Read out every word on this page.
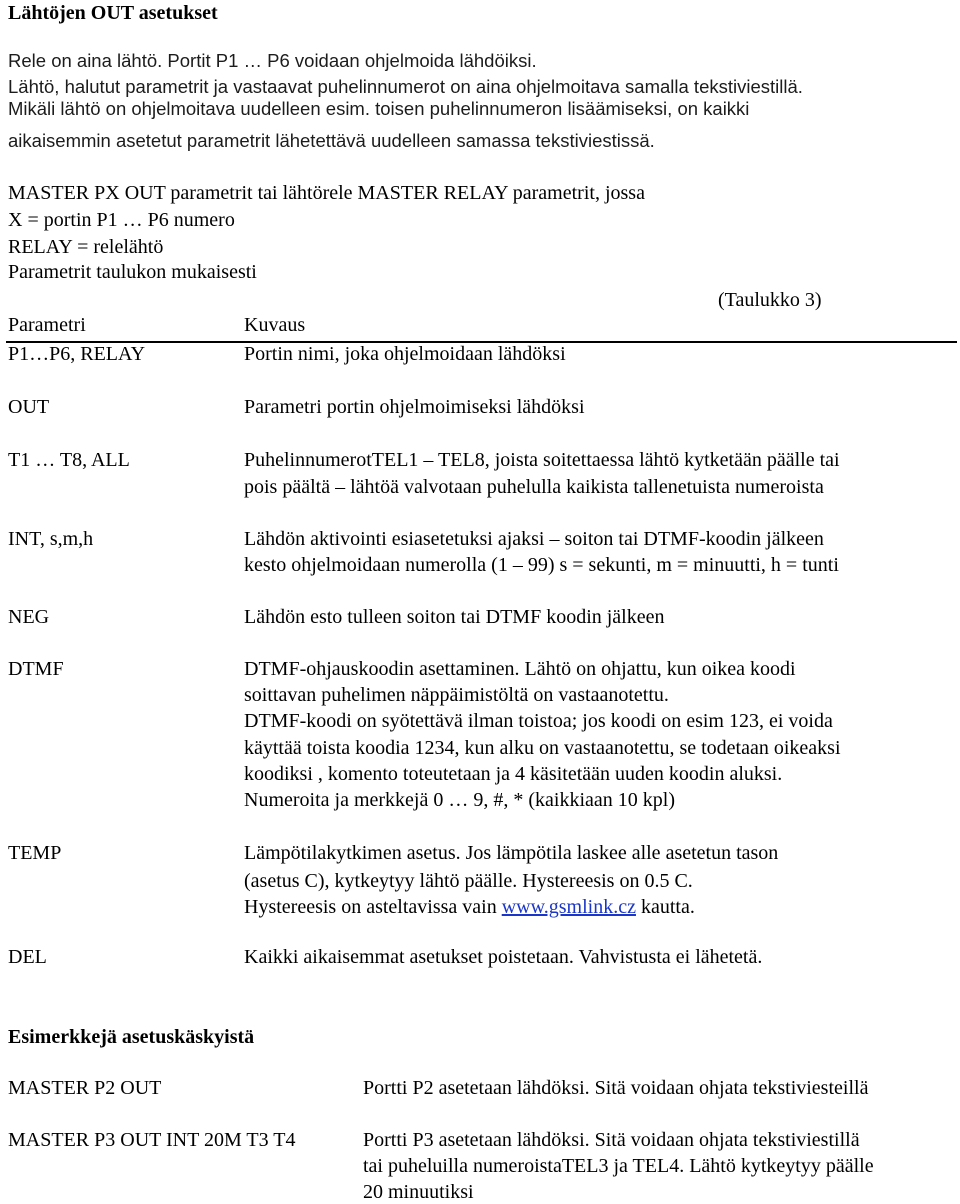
Lähtöjen OUT asetukset
Rele on aina lähtö. Portit P1 … P6 voidaan ohjelmoida lähdöiksi.
Lähtö, halutut parametrit ja vastaavat puhelinnumerot on aina ohjelmoitava samalla tekstiviestillä.
Mikäli lähtö on ohjelmoitava uudelleen esim. toisen puhelinnumeron lisäämiseksi, on kaikki
aikaisemmin asetetut parametrit lähetettävä uudelleen samassa tekstiviestissä.
MASTER PX OUT parametrit tai lähtörele MASTER RELAY parametrit, jossa
X = portin P1 … P6 numero
RELAY = relelähtö
Parametrit taulukon mukaisesti
(Taulukko 3)
Parametri	Kuvaus
P1…P6, RELAY	Portin nimi, joka ohjelmoidaan lähdöksi
OUT	Parametri portin ohjelmoimiseksi lähdöksi
T1 … T8, ALL	PuhelinnumerotTEL1 – TEL8, joista soitettaessa lähtö kytketään päälle tai
pois päältä – lähtöä valvotaan puhelulla kaikista tallenetuista numeroista
INT, s,m,h	Lähdön aktivointi esiasetetuksi ajaksi – soiton tai DTMF-koodin jälkeen
kesto ohjelmoidaan numerolla (1 – 99) s = sekunti, m = minuutti, h = tunti
NEG	Lähdön esto tulleen soiton tai DTMF koodin jälkeen
DTMF	DTMF-ohjauskoodin asettaminen. Lähtö on ohjattu, kun oikea koodi
soittavan puhelimen näppäimistöltä on vastaanotettu.
DTMF-koodi on syötettävä ilman toistoa; jos koodi on esim 123, ei voida
käyttää toista koodia 1234, kun alku on vastaanotettu, se todetaan oikeaksi
koodiksi , komento toteutetaan ja 4 käsitetään uuden koodin aluksi.
Numeroita ja merkkejä 0 … 9, #, * (kaikkiaan 10 kpl)
TEMP	Lämpötilakytkimen asetus. Jos lämpötila laskee alle asetetun tason
(asetus C), kytkeytyy lähtö päälle. Hystereesis on 0.5 C.
Hystereesis on asteltavissa vain www.gsmlink.cz kautta.
DEL	Kaikki aikaisemmat asetukset poistetaan. Vahvistusta ei lähetetä.
Esimerkkejä asetuskäskyistä
MASTER P2 OUT	Portti P2 asetetaan lähdöksi. Sitä voidaan ohjata tekstiviesteillä
MASTER P3 OUT INT 20M T3 T4	Portti P3 asetetaan lähdöksi. Sitä voidaan ohjata tekstiviestillä
tai puheluilla numeroistaTEL3 ja TEL4. Lähtö kytkeytyy päälle
20 minuutiksi
